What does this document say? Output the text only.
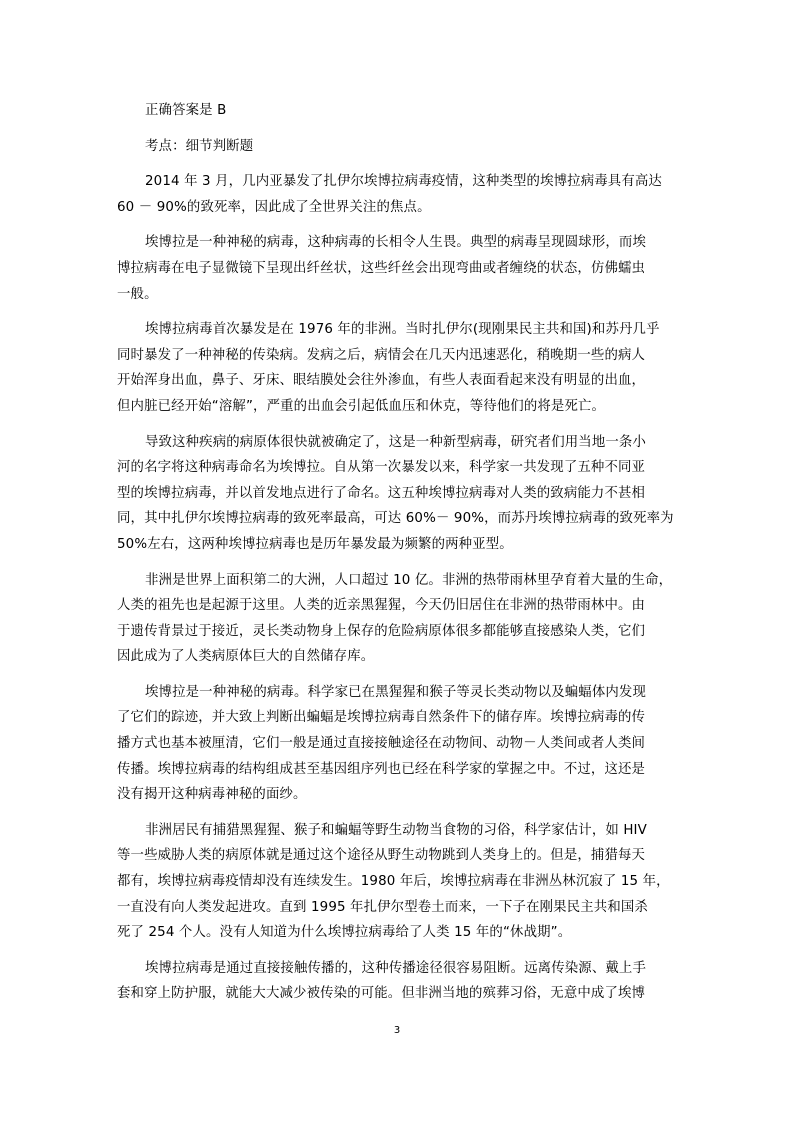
正确答案是 B
考点：细节判断题
2014 年 3 月，几内亚暴发了扎伊尔埃博拉病毒疫情，这种类型的埃博拉病毒具有高达
60 － 90%的致死率，因此成了全世界关注的焦点。
埃博拉是一种神秘的病毒，这种病毒的长相令人生畏。典型的病毒呈现圆球形，而埃
博拉病毒在电子显微镜下呈现出纤丝状，这些纤丝会出现弯曲或者缠绕的状态，仿佛蠕虫
一般。
埃博拉病毒首次暴发是在 1976 年的非洲。当时扎伊尔(现刚果民主共和国)和苏丹几乎
同时暴发了一种神秘的传染病。发病之后，病情会在几天内迅速恶化，稍晚期一些的病人
开始浑身出血，鼻子、牙床、眼结膜处会往外渗血，有些人表面看起来没有明显的出血，
但内脏已经开始“溶解”，严重的出血会引起低血压和休克，等待他们的将是死亡。
导致这种疾病的病原体很快就被确定了，这是一种新型病毒，研究者们用当地一条小
河的名字将这种病毒命名为埃博拉。自从第一次暴发以来，科学家一共发现了五种不同亚
型的埃博拉病毒，并以首发地点进行了命名。这五种埃博拉病毒对人类的致病能力不甚相
同，其中扎伊尔埃博拉病毒的致死率最高，可达 60%－ 90%，而苏丹埃博拉病毒的致死率为
50%左右，这两种埃博拉病毒也是历年暴发最为频繁的两种亚型。
非洲是世界上面积第二的大洲，人口超过 10 亿。非洲的热带雨林里孕育着大量的生命，
人类的祖先也是起源于这里。人类的近亲黑猩猩，今天仍旧居住在非洲的热带雨林中。由
于遗传背景过于接近，灵长类动物身上保存的危险病原体很多都能够直接感染人类，它们
因此成为了人类病原体巨大的自然储存库。
埃博拉是一种神秘的病毒。科学家已在黑猩猩和猴子等灵长类动物以及蝙蝠体内发现
了它们的踪迹，并大致上判断出蝙蝠是埃博拉病毒自然条件下的储存库。埃博拉病毒的传
播方式也基本被厘清，它们一般是通过直接接触途径在动物间、动物－人类间或者人类间
传播。埃博拉病毒的结构组成甚至基因组序列也已经在科学家的掌握之中。不过，这还是
没有揭开这种病毒神秘的面纱。
非洲居民有捕猎黑猩猩、猴子和蝙蝠等野生动物当食物的习俗，科学家估计，如 HIV
等一些威胁人类的病原体就是通过这个途径从野生动物跳到人类身上的。但是，捕猎每天
都有，埃博拉病毒疫情却没有连续发生。1980 年后，埃博拉病毒在非洲丛林沉寂了 15 年，
一直没有向人类发起进攻。直到 1995 年扎伊尔型卷土而来，一下子在刚果民主共和国杀
死了 254 个人。没有人知道为什么埃博拉病毒给了人类 15 年的“休战期”。
埃博拉病毒是通过直接接触传播的，这种传播途径很容易阻断。远离传染源、戴上手
套和穿上防护服，就能大大减少被传染的可能。但非洲当地的殡葬习俗，无意中成了埃博
3
